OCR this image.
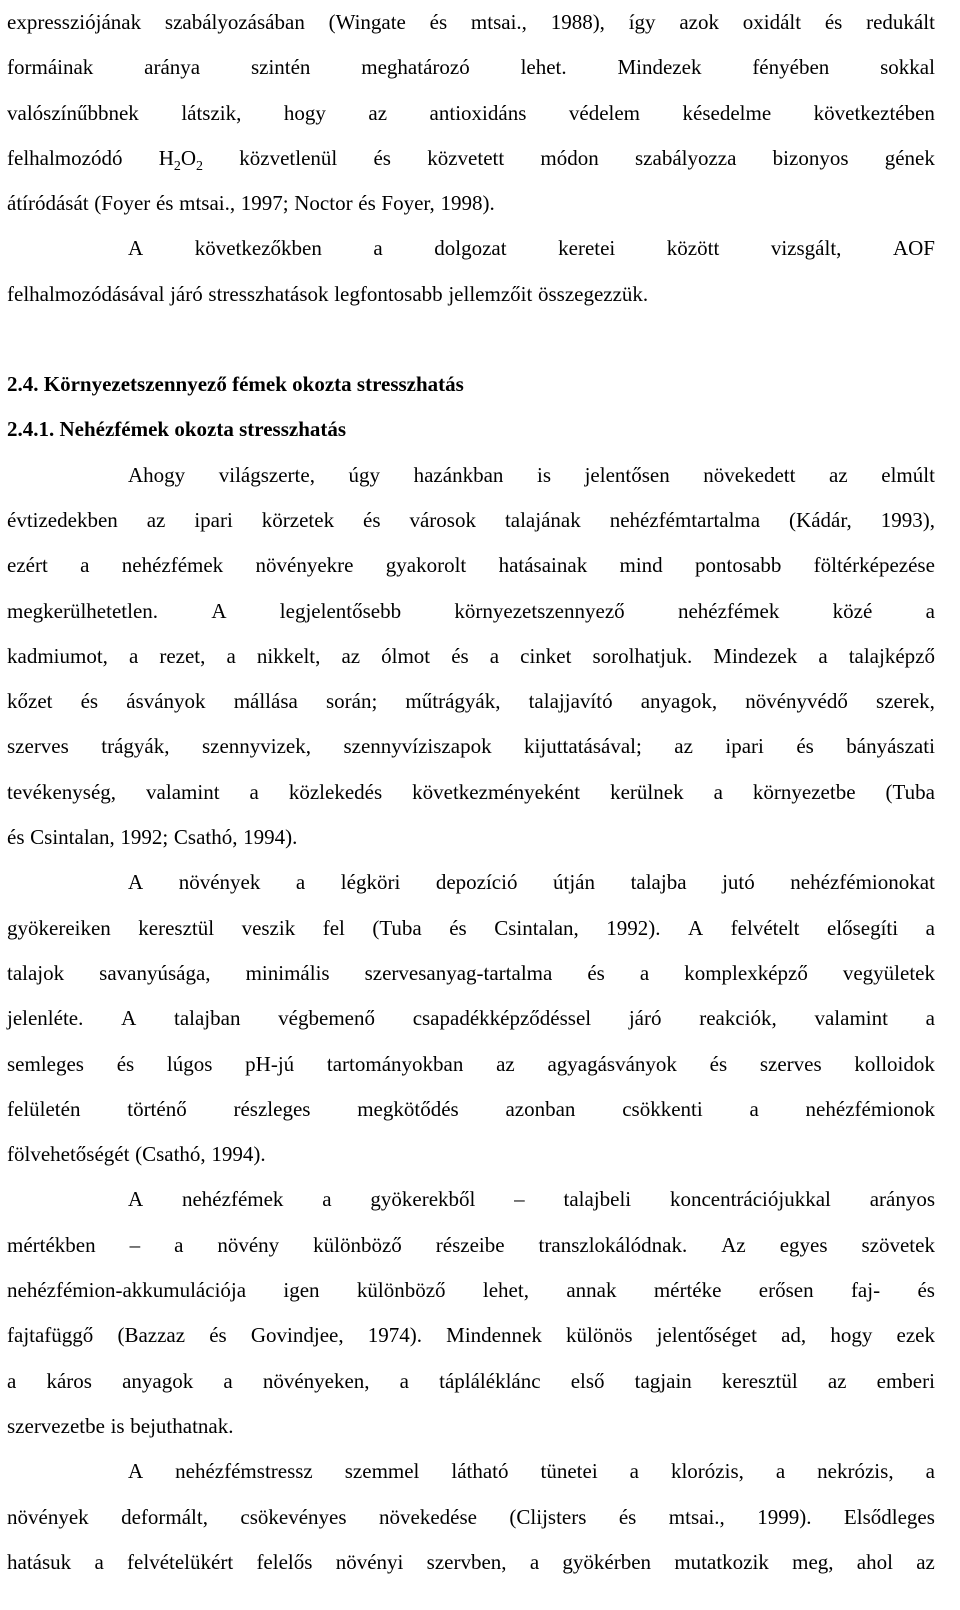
expressziójának szabályozásában (Wingate és mtsai., 1988), így azok oxidált és redukált
formáinak aránya szintén meghatározó lehet. Mindezek fényében sokkal
valószínűbbnek látszik, hogy az antioxidáns védelem késedelme következtében
felhalmozódó H2O2 közvetlenül és közvetett módon szabályozza bizonyos gének
átíródását (Foyer és mtsai., 1997; Noctor és Foyer, 1998).
A következőkben a dolgozat keretei között vizsgált, AOF
felhalmozódásával járó stresszhatások legfontosabb jellemzőit összegezzük.
2.4. Környezetszennyező fémek okozta stresszhatás
2.4.1. Nehézfémek okozta stresszhatás
Ahogy világszerte, úgy hazánkban is jelentősen növekedett az elmúlt
évtizedekben az ipari körzetek és városok talajának nehézfémtartalma (Kádár, 1993),
ezért a nehézfémek növényekre gyakorolt hatásainak mind pontosabb föltérképezése
megkerülhetetlen.	A	legjelentősebb	környezetszennyező	nehézfémek	közé	a
kadmiumot, a rezet, a nikkelt, az ólmot és a cinket sorolhatjuk. Mindezek a talajképző
kőzet és ásványok mállása során; műtrágyák, talajjavító anyagok, növényvédő szerek,
szerves trágyák, szennyvizek, szennyvíziszapok kijuttatásával; az ipari és bányászati
tevékenység, valamint a közlekedés következményeként kerülnek a környezetbe (Tuba
és Csintalan, 1992; Csathó, 1994).
A növények a légköri depozíció útján talajba jutó nehézfémionokat
gyökereiken keresztül veszik fel (Tuba és Csintalan, 1992). A felvételt elősegíti a
talajok savanyúsága, minimális szervesanyag-tartalma és a komplexképző vegyületek
jelenléte. A talajban végbemenő csapadékképződéssel járó reakciók, valamint a
semleges és lúgos pH-jú tartományokban az agyagásványok és szerves kolloidok
felületén történő részleges megkötődés azonban csökkenti a nehézfémionok
fölvehetőségét (Csathó, 1994).
A nehézfémek a gyökerekből – talajbeli koncentrációjukkal arányos
mértékben – a növény különböző részeibe transzlokálódnak. Az egyes szövetek
nehézfémion-akkumulációja igen különböző lehet, annak mértéke erősen faj- és
fajtafüggő (Bazzaz és Govindjee, 1974). Mindennek különös jelentőséget ad, hogy ezek
a káros anyagok a növényeken, a tápláléklánc első tagjain keresztül az emberi
szervezetbe is bejuthatnak.
A nehézfémstressz szemmel látható tünetei a klorózis, a nekrózis, a
növények deformált, csökevényes növekedése (Clijsters és mtsai., 1999). Elsődleges
hatásuk a felvételükért felelős növényi szervben, a gyökérben mutatkozik meg, ahol az
